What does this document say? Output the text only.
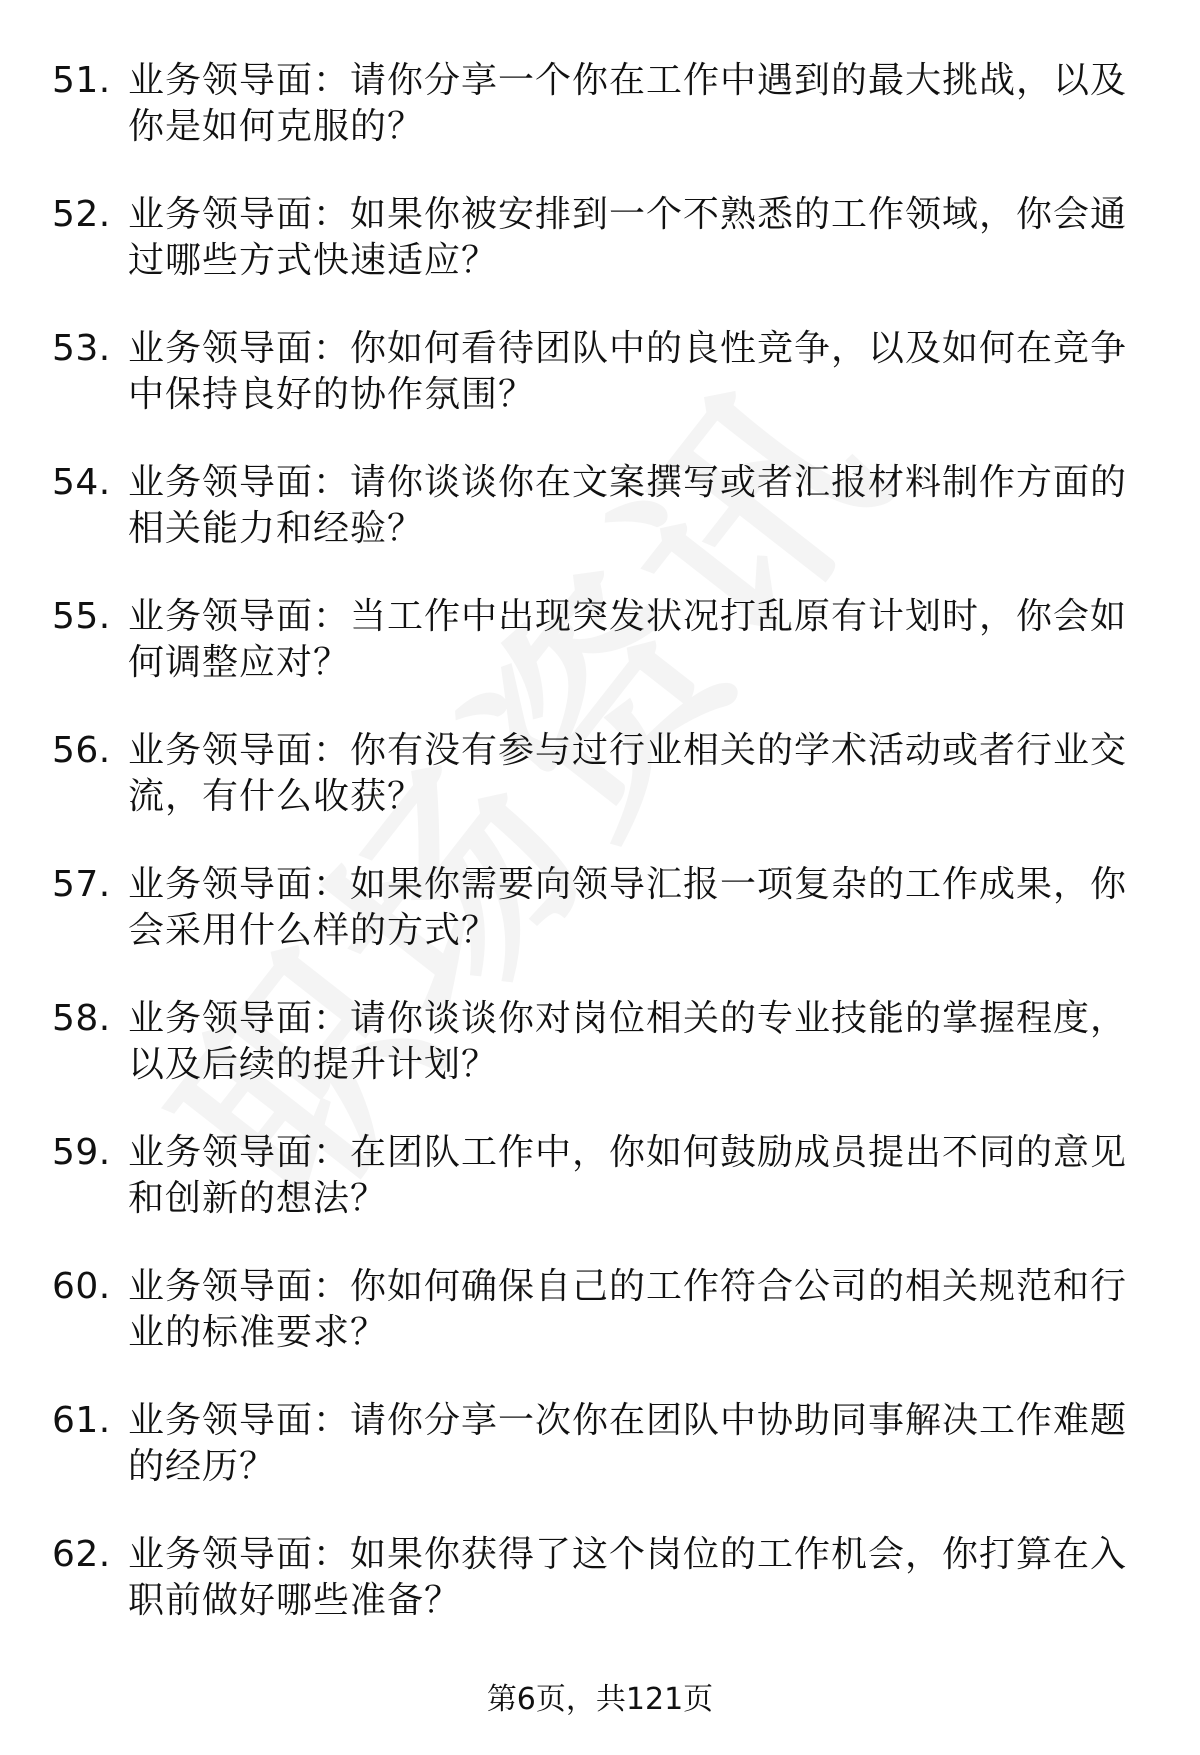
51. 业务领导面：请你分享一个你在工作中遇到的最大挑战，以及你是如何克服的？
52. 业务领导面：如果你被安排到一个不熟悉的工作领域，你会通过哪些方式快速适应？
53. 业务领导面：你如何看待团队中的良性竞争，以及如何在竞争中保持良好的协作氛围？
54. 业务领导面：请你谈谈你在文案撰写或者汇报材料制作方面的相关能力和经验？
55. 业务领导面：当工作中出现突发状况打乱原有计划时，你会如何调整应对？
56. 业务领导面：你有没有参与过行业相关的学术活动或者行业交流，有什么收获？
57. 业务领导面：如果你需要向领导汇报一项复杂的工作成果，你会采用什么样的方式？
58. 业务领导面：请你谈谈你对岗位相关的专业技能的掌握程度，以及后续的提升计划？
59. 业务领导面：在团队工作中，你如何鼓励成员提出不同的意见和创新的想法？
60. 业务领导面：你如何确保自己的工作符合公司的相关规范和行业的标准要求？
61. 业务领导面：请你分享一次你在团队中协助同事解决工作难题的经历？
62. 业务领导面：如果你获得了这个岗位的工作机会，你打算在入职前做好哪些准备？
第6页，共121页
